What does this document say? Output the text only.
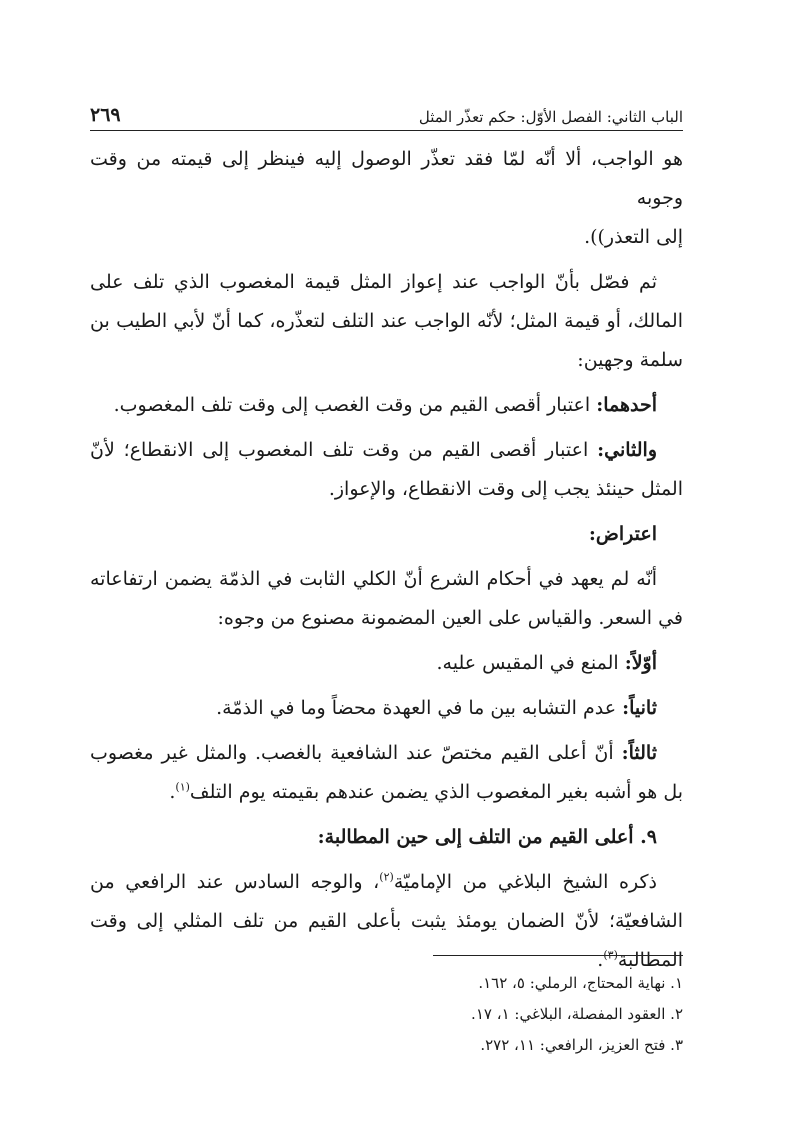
الباب الثاني: الفصل الأوّل: حكم تعذّر المثل
٢٦٩

هو الواجب، ألا أنّه لمّا فقد تعذّر الوصول إليه فينظر إلى قيمته من وقت وجوبه
إلى التعذر)).

ثم فصّل بأنّ الواجب عند إعواز المثل قيمة المغصوب الذي تلف على المالك، أو قيمة المثل؛ لأنّه الواجب عند التلف لتعذّره، كما أنّ لأبي الطيب بن سلمة وجهين:

أحدهما: اعتبار أقصى القيم من وقت الغصب إلى وقت تلف المغصوب.

والثاني: اعتبار أقصى القيم من وقت تلف المغصوب إلى الانقطاع؛ لأنّ المثل حينئذ يجب إلى وقت الانقطاع، والإعواز.

اعتراض:

أنّه لم يعهد في أحكام الشرع أنّ الكلي الثابت في الذمّة يضمن ارتفاعاته في السعر. والقياس على العين المضمونة مصنوع من وجوه:

أوّلاً: المنع في المقيس عليه.

ثانياً: عدم التشابه بين ما في العهدة محضاً وما في الذمّة.

ثالثاً: أنّ أعلى القيم مختصّ عند الشافعية بالغصب. والمثل غير مغصوب بل هو أشبه بغير المغصوب الذي يضمن عندهم بقيمته يوم التلف$^{(١)}$.

٩. أعلى القيم من التلف إلى حين المطالبة:

ذكره الشيخ البلاغي من الإماميّة$^{(٢)}$، والوجه السادس عند الرافعي من الشافعيّة؛ لأنّ الضمان يومئذ يثبت بأعلى القيم من تلف المثلي إلى وقت المطالبة$^{(٣)}$.

١. نهاية المحتاج، الرملي: ٥، ١٦٢.

٢. العقود المفصلة، البلاغي: ١، ١٧.

٣. فتح العزيز، الرافعي: ١١، ٢٧٢.
